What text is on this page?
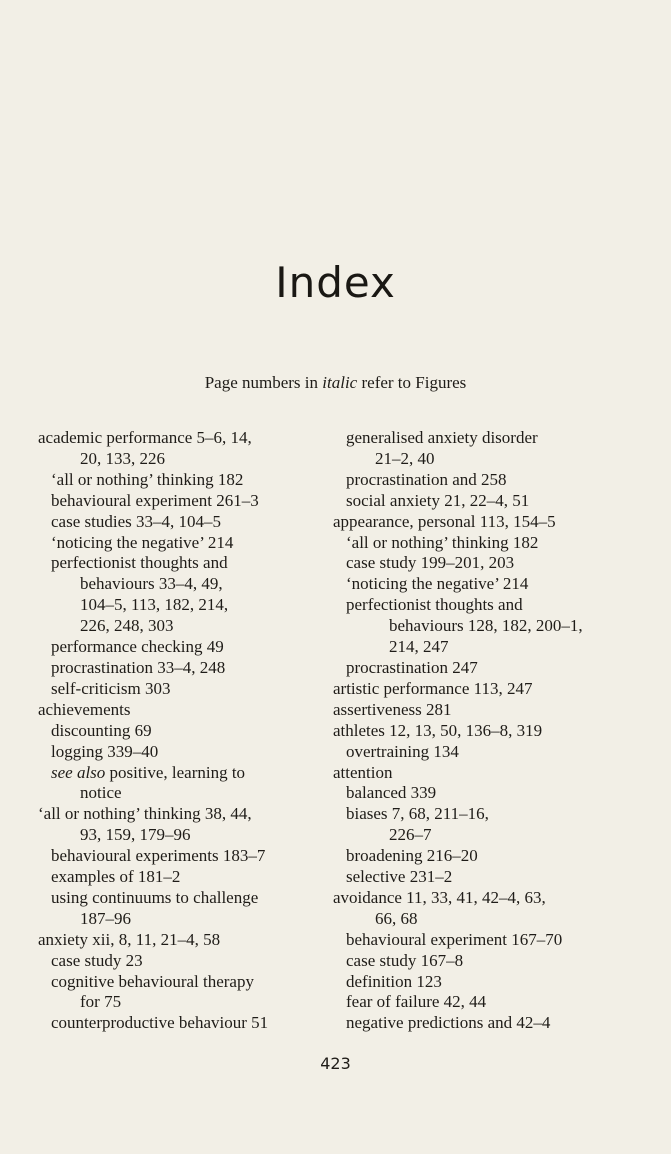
Index
Page numbers in italic refer to Figures
academic performance 5–6, 14,
20, 133, 226
‘all or nothing’ thinking 182
behavioural experiment 261–3
case studies 33–4, 104–5
‘noticing the negative’ 214
perfectionist thoughts and
behaviours 33–4, 49,
104–5, 113, 182, 214,
226, 248, 303
performance checking 49
procrastination 33–4, 248
self-criticism 303
achievements
discounting 69
logging 339–40
see also positive, learning to
notice
‘all or nothing’ thinking 38, 44,
93, 159, 179–96
behavioural experiments 183–7
examples of 181–2
using continuums to challenge
187–96
anxiety xii, 8, 11, 21–4, 58
case study 23
cognitive behavioural therapy
for 75
counterproductive behaviour 51
generalised anxiety disorder
21–2, 40
procrastination and 258
social anxiety 21, 22–4, 51
appearance, personal 113, 154–5
‘all or nothing’ thinking 182
case study 199–201, 203
‘noticing the negative’ 214
perfectionist thoughts and
behaviours 128, 182, 200–1,
214, 247
procrastination 247
artistic performance 113, 247
assertiveness 281
athletes 12, 13, 50, 136–8, 319
overtraining 134
attention
balanced 339
biases 7, 68, 211–16,
226–7
broadening 216–20
selective 231–2
avoidance 11, 33, 41, 42–4, 63,
66, 68
behavioural experiment 167–70
case study 167–8
definition 123
fear of failure 42, 44
negative predictions and 42–4
423
